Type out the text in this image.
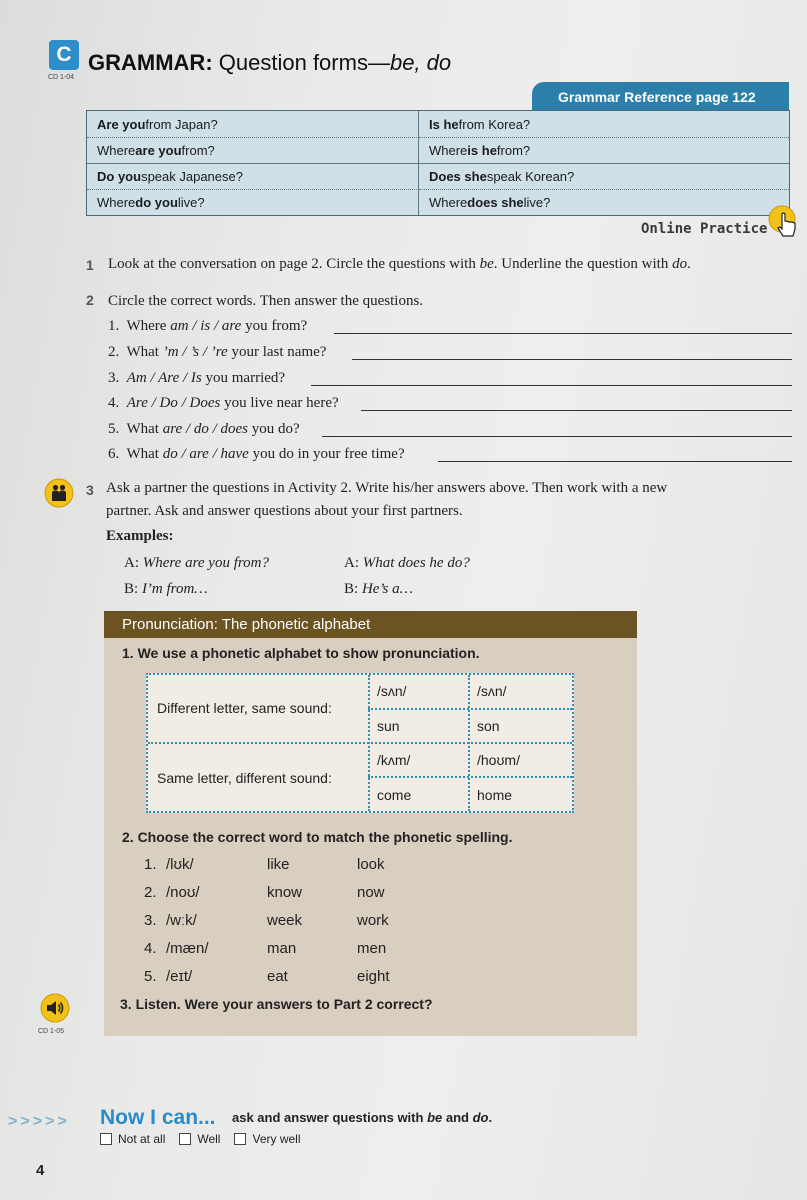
C
CD 1-04
GRAMMAR: Question forms—be, do
Grammar Reference page 122
Are you from Japan?	Is he from Korea?
Where are you from?	Where is he from?
Do you speak Japanese?	Does she speak Korean?
Where do you live?	Where does she live?
Online Practice
1 Look at the conversation on page 2. Circle the questions with be. Underline the question with do.
2 Circle the correct words. Then answer the questions.
1. Where am / is / are you from?
2. What ’m / ’s / ’re your last name?
3. Am / Are / Is you married?
4. Are / Do / Does you live near here?
5. What are / do / does you do?
6. What do / are / have you do in your free time?
3 Ask a partner the questions in Activity 2. Write his/her answers above. Then work with a new
partner. Ask and answer questions about your first partners.
Examples:
A: Where are you from?
B: I’m from…
A: What does he do?
B: He’s a…
Pronunciation: The phonetic alphabet
1. We use a phonetic alphabet to show pronunciation.
Different letter, same sound:
/sʌn/	/sʌn/
sun	son
Same letter, different sound:
/kʌm/	/hoʊm/
come	home
2. Choose the correct word to match the phonetic spelling.
1. /lʊk/	like	look
2. /noʊ/	know	now
3. /wːk/	week	work
4. /mæn/	man	men
5. /eɪt/	eat	eight
3. Listen. Were your answers to Part 2 correct?
CD 1-05
>>>>> Now I can... ask and answer questions with be and do.
Not at all	Well	Very well
4
